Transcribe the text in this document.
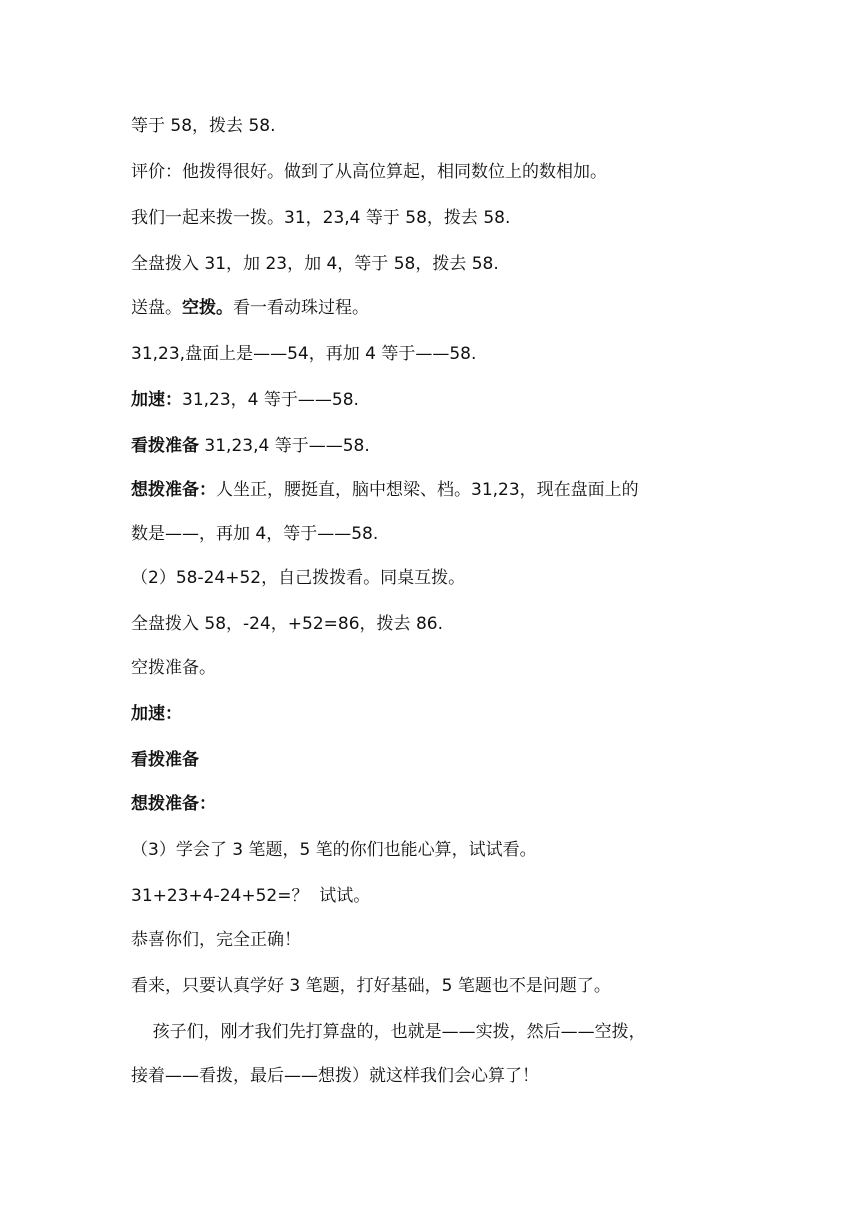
等于 58，拨去 58.
评价：他拨得很好。做到了从高位算起，相同数位上的数相加。
我们一起来拨一拨。31，23,4 等于 58，拨去 58.
全盘拨入 31，加 23，加 4，等于 58，拨去 58.
送盘。空拨。看一看动珠过程。
31,23,盘面上是——54，再加 4 等于——58.
加速：31,23，4 等于——58.
看拨准备 31,23,4 等于——58.
想拨准备：人坐正，腰挺直，脑中想梁、档。31,23，现在盘面上的
数是——，再加 4，等于——58.
（2）58-24+52，自己拨拨看。同桌互拨。
全盘拨入 58，-24，+52=86，拨去 86.
空拨准备。
加速：
看拨准备
想拨准备：
（3）学会了 3 笔题，5 笔的你们也能心算，试试看。
31+23+4-24+52=？  试试。
恭喜你们，完全正确！
看来，只要认真学好 3 笔题，打好基础，5 笔题也不是问题了。
孩子们，刚才我们先打算盘的，也就是——实拨，然后——空拨，
接着——看拨，最后——想拨）就这样我们会心算了！
